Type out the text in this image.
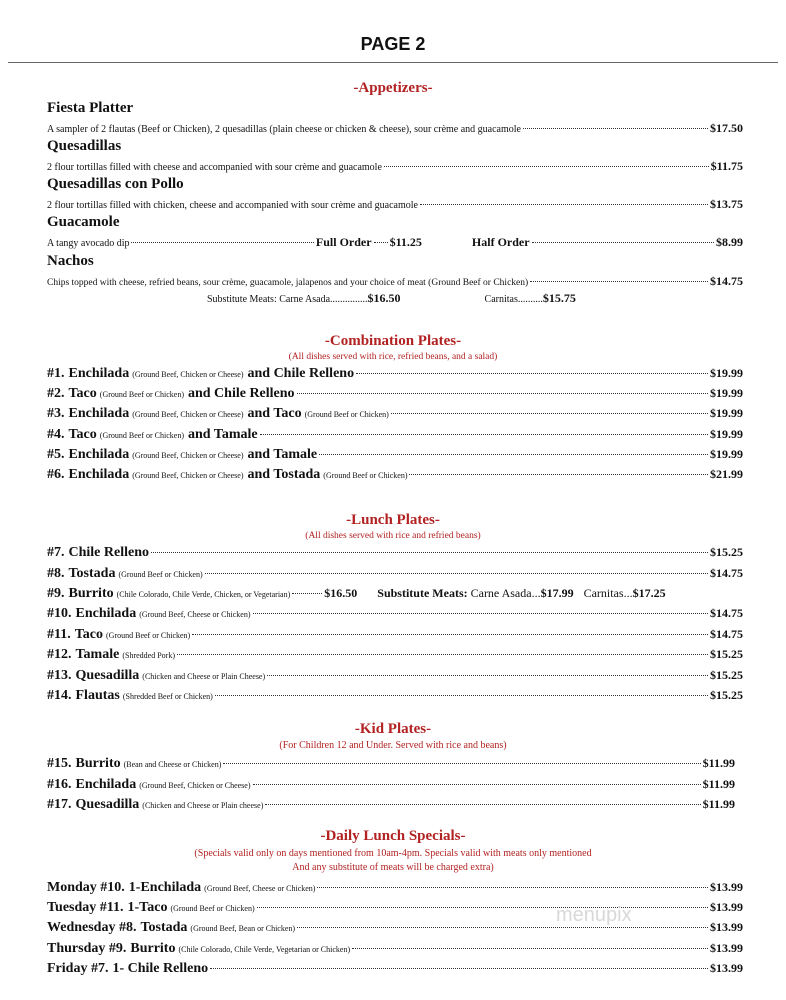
PAGE 2
-Appetizers-
Fiesta Platter
A sampler of 2 flautas (Beef or Chicken), 2 quesadillas (plain cheese or chicken & cheese), sour crème and guacamole	$17.50
Quesadillas
2 flour tortillas filled with cheese and accompanied with sour crème and guacamole	$11.75
Quesadillas con Pollo
2 flour tortillas filled with chicken, cheese and accompanied with sour crème and guacamole	$13.75
Guacamole
A tangy avocado dip	Full Order $11.25	Half Order	$8.99
Nachos
Chips topped with cheese, refried beans, sour crème, guacamole, jalapenos and your choice of meat (Ground Beef or Chicken)	$14.75
Substitute Meats: Carne Asada...............$16.50	Carnitas..........$15.75
-Combination Plates-
(All dishes served with rice, refried beans, and a salad)
#1. Enchilada (Ground Beef, Chicken or Cheese) and Chile Relleno	$19.99
#2. Taco (Ground Beef or Chicken) and Chile Relleno	$19.99
#3. Enchilada (Ground Beef, Chicken or Cheese) and Taco (Ground Beef or Chicken)	$19.99
#4. Taco (Ground Beef or Chicken) and Tamale	$19.99
#5. Enchilada (Ground Beef, Chicken or Cheese) and Tamale	$19.99
#6. Enchilada (Ground Beef, Chicken or Cheese) and Tostada (Ground Beef or Chicken)	$21.99
-Lunch Plates-
(All dishes served with rice and refried beans)
#7. Chile Relleno	$15.25
#8. Tostada (Ground Beef or Chicken)	$14.75
#9. Burrito (Chile Colorado, Chile Verde, Chicken, or Vegetarian)	$16.50 Substitute Meats: Carne Asada... $17.99 Carnitas... $17.25
#10. Enchilada (Ground Beef, Cheese or Chicken)	$14.75
#11. Taco (Ground Beef or Chicken)	$14.75
#12. Tamale (Shredded Pork)	$15.25
#13. Quesadilla (Chicken and Cheese or Plain Cheese)	$15.25
#14. Flautas (Shredded Beef or Chicken)	$15.25
-Kid Plates-
(For Children 12 and Under. Served with rice and beans)
#15. Burrito (Bean and Cheese or Chicken)	$11.99
#16. Enchilada (Ground Beef, Chicken or Cheese)	$11.99
#17. Quesadilla (Chicken and Cheese or Plain cheese)	$11.99
-Daily Lunch Specials-
(Specials valid only on days mentioned from 10am-4pm. Specials valid with meats only mentioned
And any substitute of meats will be charged extra)
Monday #10. 1-Enchilada (Ground Beef, Cheese or Chicken)	$13.99
Tuesday #11. 1-Taco (Ground Beef or Chicken)	$13.99
Wednesday #8. Tostada (Ground Beef, Bean or Chicken)	$13.99
Thursday #9. Burrito (Chile Colorado, Chile Verde, Vegetarian or Chicken)	$13.99
Friday #7. 1- Chile Relleno	$13.99
menupix
